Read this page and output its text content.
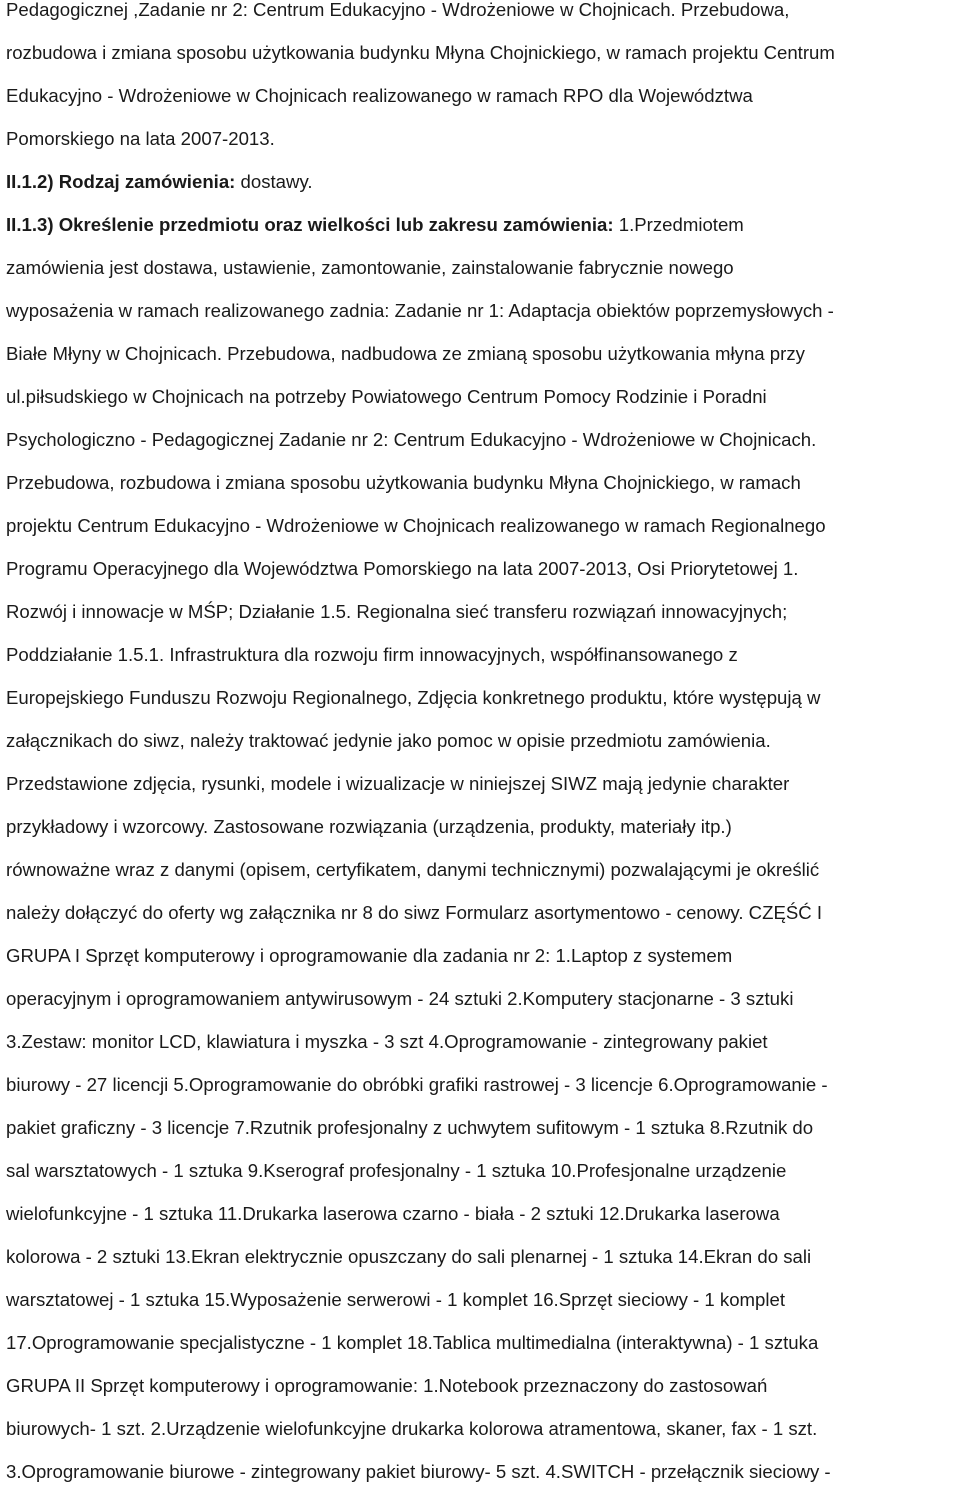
Pedagogicznej ,Zadanie nr 2: Centrum Edukacyjno - Wdrożeniowe w Chojnicach. Przebudowa,
rozbudowa i zmiana sposobu użytkowania budynku Młyna Chojnickiego, w ramach projektu Centrum
Edukacyjno - Wdrożeniowe w Chojnicach realizowanego w ramach RPO dla Województwa
Pomorskiego na lata 2007-2013.
II.1.2) Rodzaj zamówienia: dostawy.
II.1.3) Określenie przedmiotu oraz wielkości lub zakresu zamówienia: 1.Przedmiotem
zamówienia jest dostawa, ustawienie, zamontowanie, zainstalowanie fabrycznie nowego
wyposażenia w ramach realizowanego zadnia: Zadanie nr 1: Adaptacja obiektów poprzemysłowych -
Białe Młyny w Chojnicach. Przebudowa, nadbudowa ze zmianą sposobu użytkowania młyna przy
ul.piłsudskiego w Chojnicach na potrzeby Powiatowego Centrum Pomocy Rodzinie i Poradni
Psychologiczno - Pedagogicznej Zadanie nr 2: Centrum Edukacyjno - Wdrożeniowe w Chojnicach.
Przebudowa, rozbudowa i zmiana sposobu użytkowania budynku Młyna Chojnickiego, w ramach
projektu Centrum Edukacyjno - Wdrożeniowe w Chojnicach realizowanego w ramach Regionalnego
Programu Operacyjnego dla Województwa Pomorskiego na lata 2007-2013, Osi Priorytetowej 1.
Rozwój i innowacje w MŚP; Działanie 1.5. Regionalna sieć transferu rozwiązań innowacyjnych;
Poddziałanie 1.5.1. Infrastruktura dla rozwoju firm innowacyjnych, współfinansowanego z
Europejskiego Funduszu Rozwoju Regionalnego, Zdjęcia konkretnego produktu, które występują w
załącznikach do siwz, należy traktować jedynie jako pomoc w opisie przedmiotu zamówienia.
Przedstawione zdjęcia, rysunki, modele i wizualizacje w niniejszej SIWZ mają jedynie charakter
przykładowy i wzorcowy. Zastosowane rozwiązania (urządzenia, produkty, materiały itp.)
równoważne wraz z danymi (opisem, certyfikatem, danymi technicznymi) pozwalającymi je określić
należy dołączyć do oferty wg załącznika nr 8 do siwz Formularz asortymentowo - cenowy. CZĘŚĆ I
GRUPA I Sprzęt komputerowy i oprogramowanie dla zadania nr 2: 1.Laptop z systemem
operacyjnym i oprogramowaniem antywirusowym - 24 sztuki 2.Komputery stacjonarne - 3 sztuki
3.Zestaw: monitor LCD, klawiatura i myszka - 3 szt 4.Oprogramowanie - zintegrowany pakiet
biurowy - 27 licencji 5.Oprogramowanie do obróbki grafiki rastrowej - 3 licencje 6.Oprogramowanie -
pakiet graficzny - 3 licencje 7.Rzutnik profesjonalny z uchwytem sufitowym - 1 sztuka 8.Rzutnik do
sal warsztatowych - 1 sztuka 9.Kserograf profesjonalny - 1 sztuka 10.Profesjonalne urządzenie
wielofunkcyjne - 1 sztuka 11.Drukarka laserowa czarno - biała - 2 sztuki 12.Drukarka laserowa
kolorowa - 2 sztuki 13.Ekran elektrycznie opuszczany do sali plenarnej - 1 sztuka 14.Ekran do sali
warsztatowej - 1 sztuka 15.Wyposażenie serwerowi - 1 komplet 16.Sprzęt sieciowy - 1 komplet
17.Oprogramowanie specjalistyczne - 1 komplet 18.Tablica multimedialna (interaktywna) - 1 sztuka
GRUPA II Sprzęt komputerowy i oprogramowanie: 1.Notebook przeznaczony do zastosowań
biurowych- 1 szt. 2.Urządzenie wielofunkcyjne drukarka kolorowa atramentowa, skaner, fax - 1 szt.
3.Oprogramowanie biurowe - zintegrowany pakiet biurowy- 5 szt. 4.SWITCH - przełącznik sieciowy -
